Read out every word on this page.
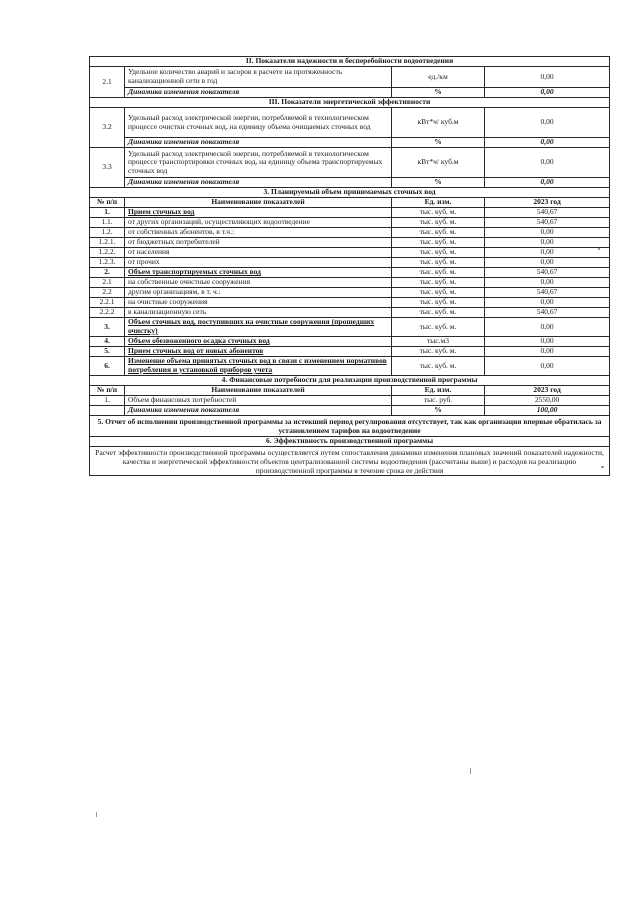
II. Показатели надежности и бесперебойности водоотведения			
2.1	Удельное количество аварий и засоров в расчете на протяженность канализационной сети в год	ед./км	0,00
	Динамика изменения показателя	%	0,00
III. Показатели энергетической эффективности			
3.2	Удельный расход электрической энергии, потребляемой в технологическом процессе очистки сточных вод, на единицу объема очищаемых сточных вод	кВт*ч/ куб.м	0,00
	Динамика изменения показателя	%	0,00
3.3	Удельный расход электрической энергии, потребляемой в технологическом процессе транспортировки сточных вод, на единицу объема транспортируемых сточных вод	кВт*ч/ куб.м	0,00
	Динамика изменения показателя	%	0,00
3. Планируемый объем принимаемых сточных вод			
№ п/п	Наименование показателей	Ед. изм.	2023 год
1.	Прием сточных вод	тыс. куб. м.	540,67
1.1.	от других организаций, осуществляющих водоотведение	тыс. куб. м.	540,67
1.2.	от собственных абонентов, в т.ч.:	тыс. куб. м.	0,00
1.2.1.	от бюджетных потребителей	тыс. куб. м.	0,00
1.2.2.	от населения	тыс. куб. м.	0,00
1.2.3.	от прочих	тыс. куб. м.	0,00
2.	Объем транспортируемых сточных вод	тыс. куб. м.	540,67
2.1	на собственные очистные сооружения	тыс. куб. м.	0,00
2.2	другим организациям, в т. ч.:	тыс. куб. м.	540,67
2.2.1	на очистные сооружения	тыс. куб. м.	0,00
2.2.2	в канализационную сеть	тыс. куб. м.	540,67
3.	Объем сточных вод, поступивших на очистные сооружения (прошедших очистку)	тыс. куб. м.	0,00
4.	Объем обезвоженного осадка сточных вод	тыс.м3	0,00
5.	Прием сточных вод от новых абонентов	тыс. куб. м.	0,00
6.	Изменение объема принятых сточных вод в связи с изменением нормативов потребления и установкой приборов учета	тыс. куб. м.	0,00
4. Финансовые потребности для реализации производственной программы			
№ п/п	Наименование показателей	Ед. изм.	2023 год
1.	Объем финансовых потребностей	тыс. руб.	2550,00
	Динамика изменения показателя	%	100,00
5. Отчет об исполнении производственной программы за истекший период регулирования отсутствует, так как организация впервые обратилась за установлением тарифов на водоотведение			
6. Эффективность производственной программы			
Расчет эффективности производственной программы осуществляется путем сопоставления динамики изменения плановых значений показателей надежности, качества и энергетической эффективности объектов централизованной системы водоотведения (рассчитаны выше) и расходов на реализацию производственной программы в течение срока ее действия			
